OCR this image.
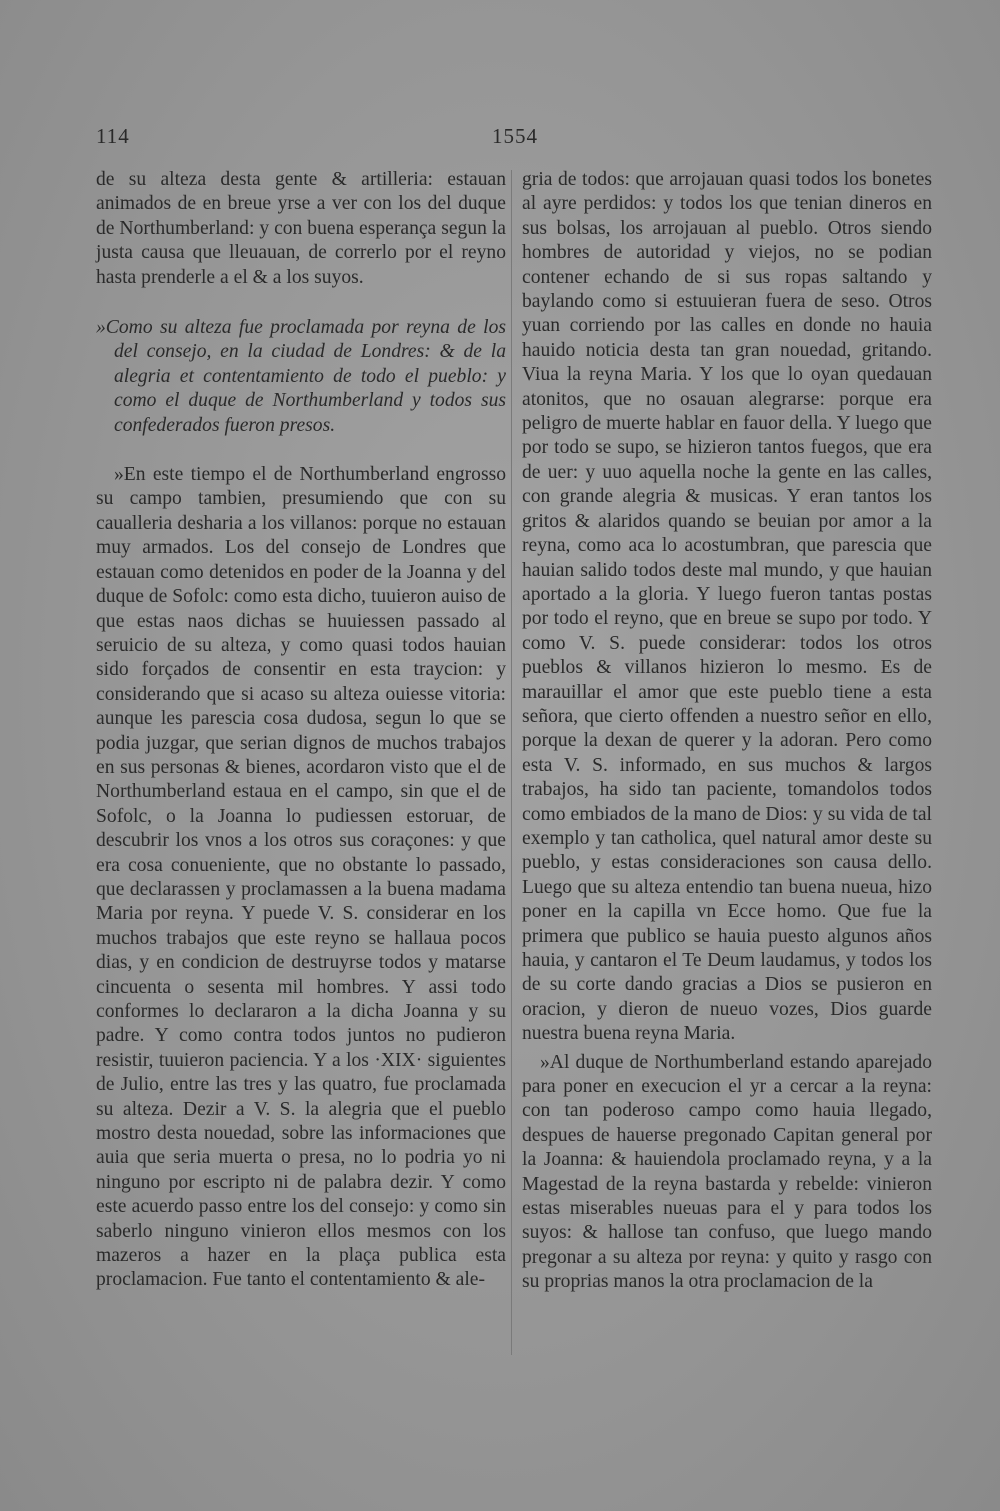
114	1554

de su alteza desta gente & artilleria: estauan animados de en breue yrse a ver con los del duque de Northumberland: y con buena esperança segun la justa causa que lleuauan, de correrlo por el reyno hasta prenderle a el & a los suyos.

»Como su alteza fue proclamada por reyna de los del consejo, en la ciudad de Londres: & de la alegria et contentamiento de todo el pueblo: y como el duque de Northumberland y todos sus confederados fueron presos.

»En este tiempo el de Northumberland engrosso su campo tambien, presumiendo que con su caualleria desharia a los villanos: porque no estauan muy armados. Los del consejo de Londres que estauan como detenidos en poder de la Joanna y del duque de Sofolc: como esta dicho, tuuieron auiso de que estas naos dichas se huuiessen passado al seruicio de su alteza, y como quasi todos hauian sido forçados de consentir en esta traycion: y considerando que si acaso su alteza ouiesse vitoria: aunque les parescia cosa dudosa, segun lo que se podia juzgar, que serian dignos de muchos trabajos en sus personas & bienes, acordaron visto que el de Northumberland estaua en el campo, sin que el de Sofolc, o la Joanna lo pudiessen estoruar, de descubrir los vnos a los otros sus coraçones: y que era cosa conueniente, que no obstante lo passado, que declarassen y proclamassen a la buena madama Maria por reyna. Y puede V. S. considerar en los muchos trabajos que este reyno se hallaua pocos dias, y en condicion de destruyrse todos y matarse cincuenta o sesenta mil hombres. Y assi todo conformes lo declararon a la dicha Joanna y su padre. Y como contra todos juntos no pudieron resistir, tuuieron paciencia. Y a los ·XIX· siguientes de Julio, entre las tres y las quatro, fue proclamada su alteza. Dezir a V. S. la alegria que el pueblo mostro desta nouedad, sobre las informaciones que auia que seria muerta o presa, no lo podria yo ni ninguno por escripto ni de palabra dezir. Y como este acuerdo passo entre los del consejo: y como sin saberlo ninguno vinieron ellos mesmos con los mazeros a hazer en la plaça publica esta proclamacion. Fue tanto el contentamiento & ale-

gria de todos: que arrojauan quasi todos los bonetes al ayre perdidos: y todos los que tenian dineros en sus bolsas, los arrojauan al pueblo. Otros siendo hombres de autoridad y viejos, no se podian contener echando de si sus ropas saltando y baylando como si estuuieran fuera de seso. Otros yuan corriendo por las calles en donde no hauia hauido noticia desta tan gran nouedad, gritando. Viua la reyna Maria. Y los que lo oyan quedauan atonitos, que no osauan alegrarse: porque era peligro de muerte hablar en fauor della. Y luego que por todo se supo, se hizieron tantos fuegos, que era de uer: y uuo aquella noche la gente en las calles, con grande alegria & musicas. Y eran tantos los gritos & alaridos quando se beuian por amor a la reyna, como aca lo acostumbran, que parescia que hauian salido todos deste mal mundo, y que hauian aportado a la gloria. Y luego fueron tantas postas por todo el reyno, que en breue se supo por todo. Y como V. S. puede considerar: todos los otros pueblos & villanos hizieron lo mesmo. Es de marauillar el amor que este pueblo tiene a esta señora, que cierto offenden a nuestro señor en ello, porque la dexan de querer y la adoran. Pero como esta V. S. informado, en sus muchos & largos trabajos, ha sido tan paciente, tomandolos todos como embiados de la mano de Dios: y su vida de tal exemplo y tan catholica, quel natural amor deste su pueblo, y estas consideraciones son causa dello. Luego que su alteza entendio tan buena nueua, hizo poner en la capilla vn Ecce homo. Que fue la primera que publico se hauia puesto algunos años hauia, y cantaron el Te Deum laudamus, y todos los de su corte dando gracias a Dios se pusieron en oracion, y dieron de nueuo vozes, Dios guarde nuestra buena reyna Maria.

»Al duque de Northumberland estando aparejado para poner en execucion el yr a cercar a la reyna: con tan poderoso campo como hauia llegado, despues de hauerse pregonado Capitan general por la Joanna: & hauiendola proclamado reyna, y a la Magestad de la reyna bastarda y rebelde: vinieron estas miserables nueuas para el y para todos los suyos: & hallose tan confuso, que luego mando pregonar a su alteza por reyna: y quito y rasgo con su proprias manos la otra proclamacion de la
